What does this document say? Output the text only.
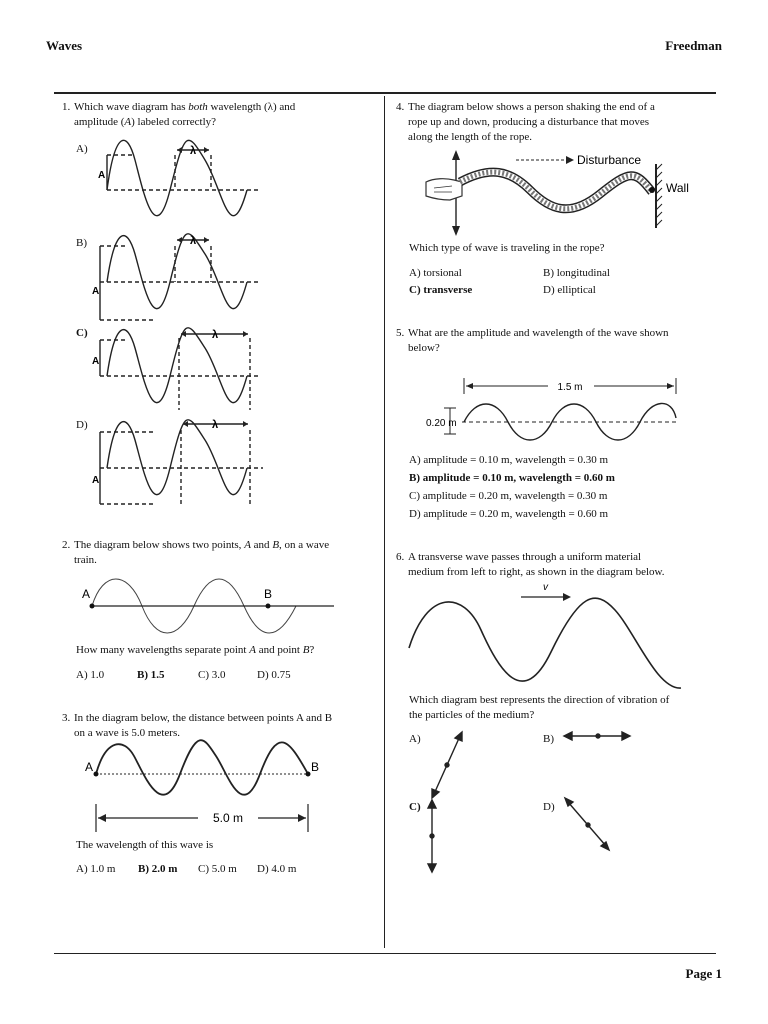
Waves	Freedman
Page 1
1. Which wave diagram has both wavelength (λ) and
amplitude (A) labeled correctly?
A)
B)
C)
D)
λ
A
λ
A
λ
A
λ
A
2. The diagram below shows two points, A and B, on a wave
train.
A	B
How many wavelengths separate point A and point B?
A) 1.0	B) 1.5	C) 3.0	D) 0.75
3. In the diagram below, the distance between points A and B
on a wave is 5.0 meters.
5.0 m
A	B
The wavelength of this wave is
A) 1.0 m B) 2.0 m C) 5.0 m D) 4.0 m
4. The diagram below shows a person shaking the end of a
rope up and down, producing a disturbance that moves
along the length of the rope.
Disturbance
Wall
Which type of wave is traveling in the rope?
A) torsional	B) longitudinal
C) transverse	D) elliptical
5. What are the amplitude and wavelength of the wave shown
below?
1.5 m
0.20 m
A) amplitude = 0.10 m, wavelength = 0.30 m
B) amplitude = 0.10 m, wavelength = 0.60 m
C) amplitude = 0.20 m, wavelength = 0.30 m
D) amplitude = 0.20 m, wavelength = 0.60 m
6. A transverse wave passes through a uniform material
medium from left to right, as shown in the diagram below.
v
Which diagram best represents the direction of vibration of
the particles of the medium?
A)	B)
C)	D)
